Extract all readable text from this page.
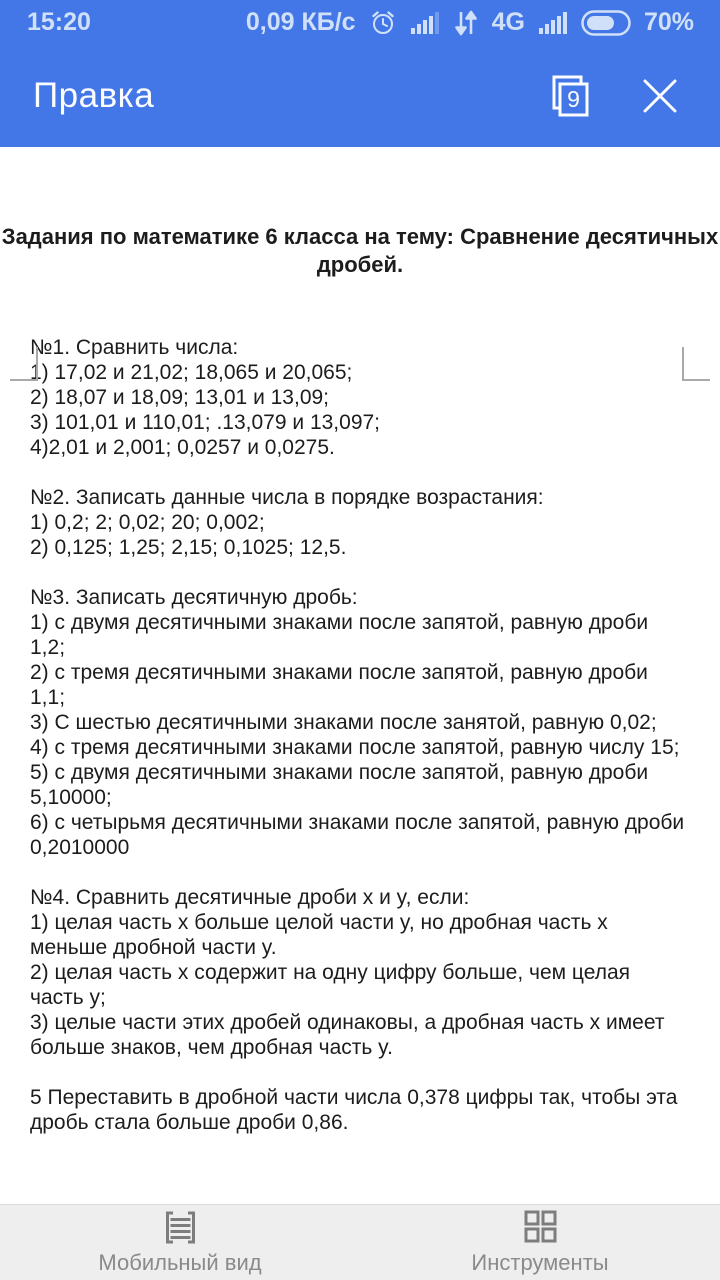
15:20	0,09 КБ/с	4G	70%
Правка	9
Задания по математике 6 класса на тему: Сравнение десятичных
дробей.
№1. Сравнить числа:
1) 17,02 и 21,02; 18,065 и 20,065;
2) 18,07 и 18,09; 13,01 и 13,09;
3) 101,01 и 110,01; .13,079 и 13,097;
4)2,01 и 2,001; 0,0257 и 0,0275.
№2. Записать данные числа в порядке возрастания:
1) 0,2; 2; 0,02; 20; 0,002;
2) 0,125; 1,25; 2,15; 0,1025; 12,5.
№3. Записать десятичную дробь:
1) с двумя десятичными знаками после запятой, равную дроби 1,2;
2) с тремя десятичными знаками после запятой, равную дроби 1,1;
3) С шестью десятичными знаками после занятой, равную 0,02;
4) с тремя десятичными знаками после запятой, равную числу 15;
5) с двумя десятичными знаками после запятой, равную дроби 5,10000;
6) с четырьмя десятичными знаками после запятой, равную дроби 0,2010000
№4. Сравнить десятичные дроби x и y, если:
1) целая часть x больше целой части y, но дробная часть x меньше дробной части y.
2) целая часть x содержит на одну цифру больше, чем целая часть y;
3) целые части этих дробей одинаковы, а дробная часть x имеет больше знаков, чем дробная часть y.
5 Переставить в дробной части числа 0,378 цифры так, чтобы эта дробь стала больше дроби 0,86.
Мобильный вид	Инструменты
